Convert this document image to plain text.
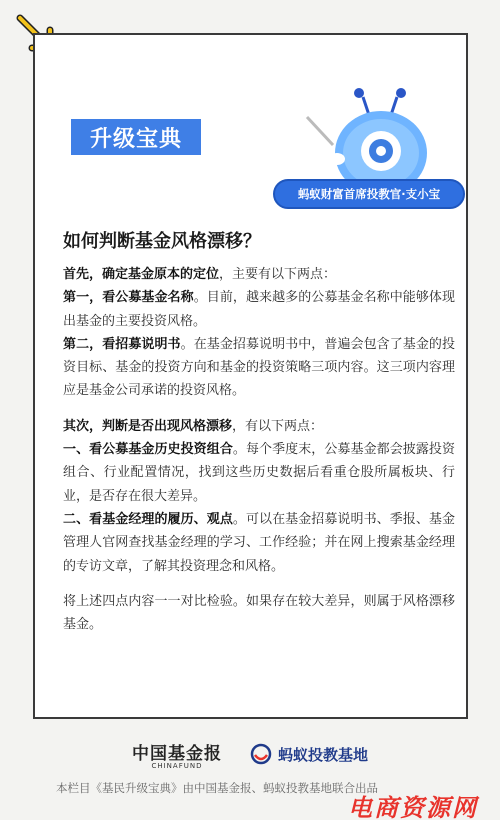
升级宝典
蚂蚁财富首席投教官·支小宝
如何判断基金风格漂移？

首先，确定基金原本的定位，主要有以下两点：

第一，看公募基金名称。目前，越来越多的公募基金名称中能够体现出基金的主要投资风格。

第二，看招募说明书。在基金招募说明书中，普遍会包含了基金的投资目标、基金的投资方向和基金的投资策略三项内容。这三项内容理应是基金公司承诺的投资风格。

其次，判断是否出现风格漂移，有以下两点：

一、看公募基金历史投资组合。每个季度末，公募基金都会披露投资组合、行业配置情况，找到这些历史数据后看重仓股所属板块、行业，是否存在很大差异。

二、看基金经理的履历、观点。可以在基金招募说明书、季报、基金管理人官网查找基金经理的学习、工作经验；并在网上搜索基金经理的专访文章，了解其投资理念和风格。

将上述四点内容一一对比检验。如果存在较大差异，则属于风格漂移基金。

中国基金报
CHINAFUND
蚂蚁投教基地
本栏目《基民升级宝典》由中国基金报、蚂蚁投教基地联合出品
电商资源网
